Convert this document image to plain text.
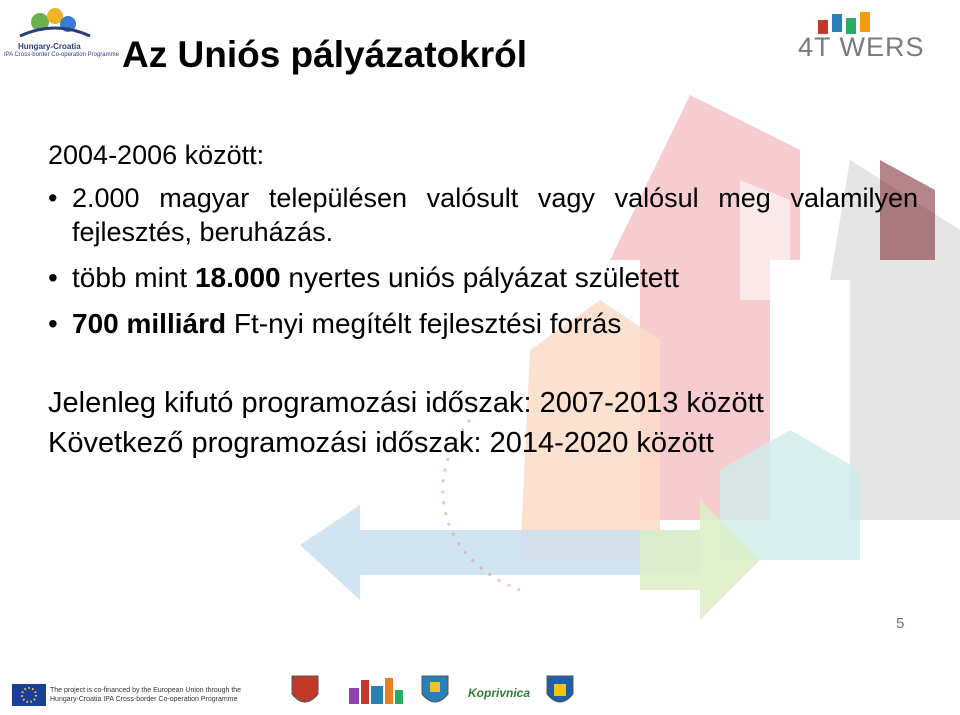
Hungary-Croatia
IPA Cross-border Co-operation Programme	4T WERS
Az Uniós pályázatokról
2004-2006 között:
• 2.000 magyar településen valósult vagy valósul meg valamilyen fejlesztés, beruházás.
• több mint 18.000 nyertes uniós pályázat született
• 700 milliárd Ft-nyi megítélt fejlesztési forrás
Jelenleg kifutó programozási időszak: 2007-2013 között
Következő programozási időszak: 2014-2020 között
5
The project is co-financed by the European Union through the
Hungary-Croatia IPA Cross-border Co-operation Programme	Koprivnica
